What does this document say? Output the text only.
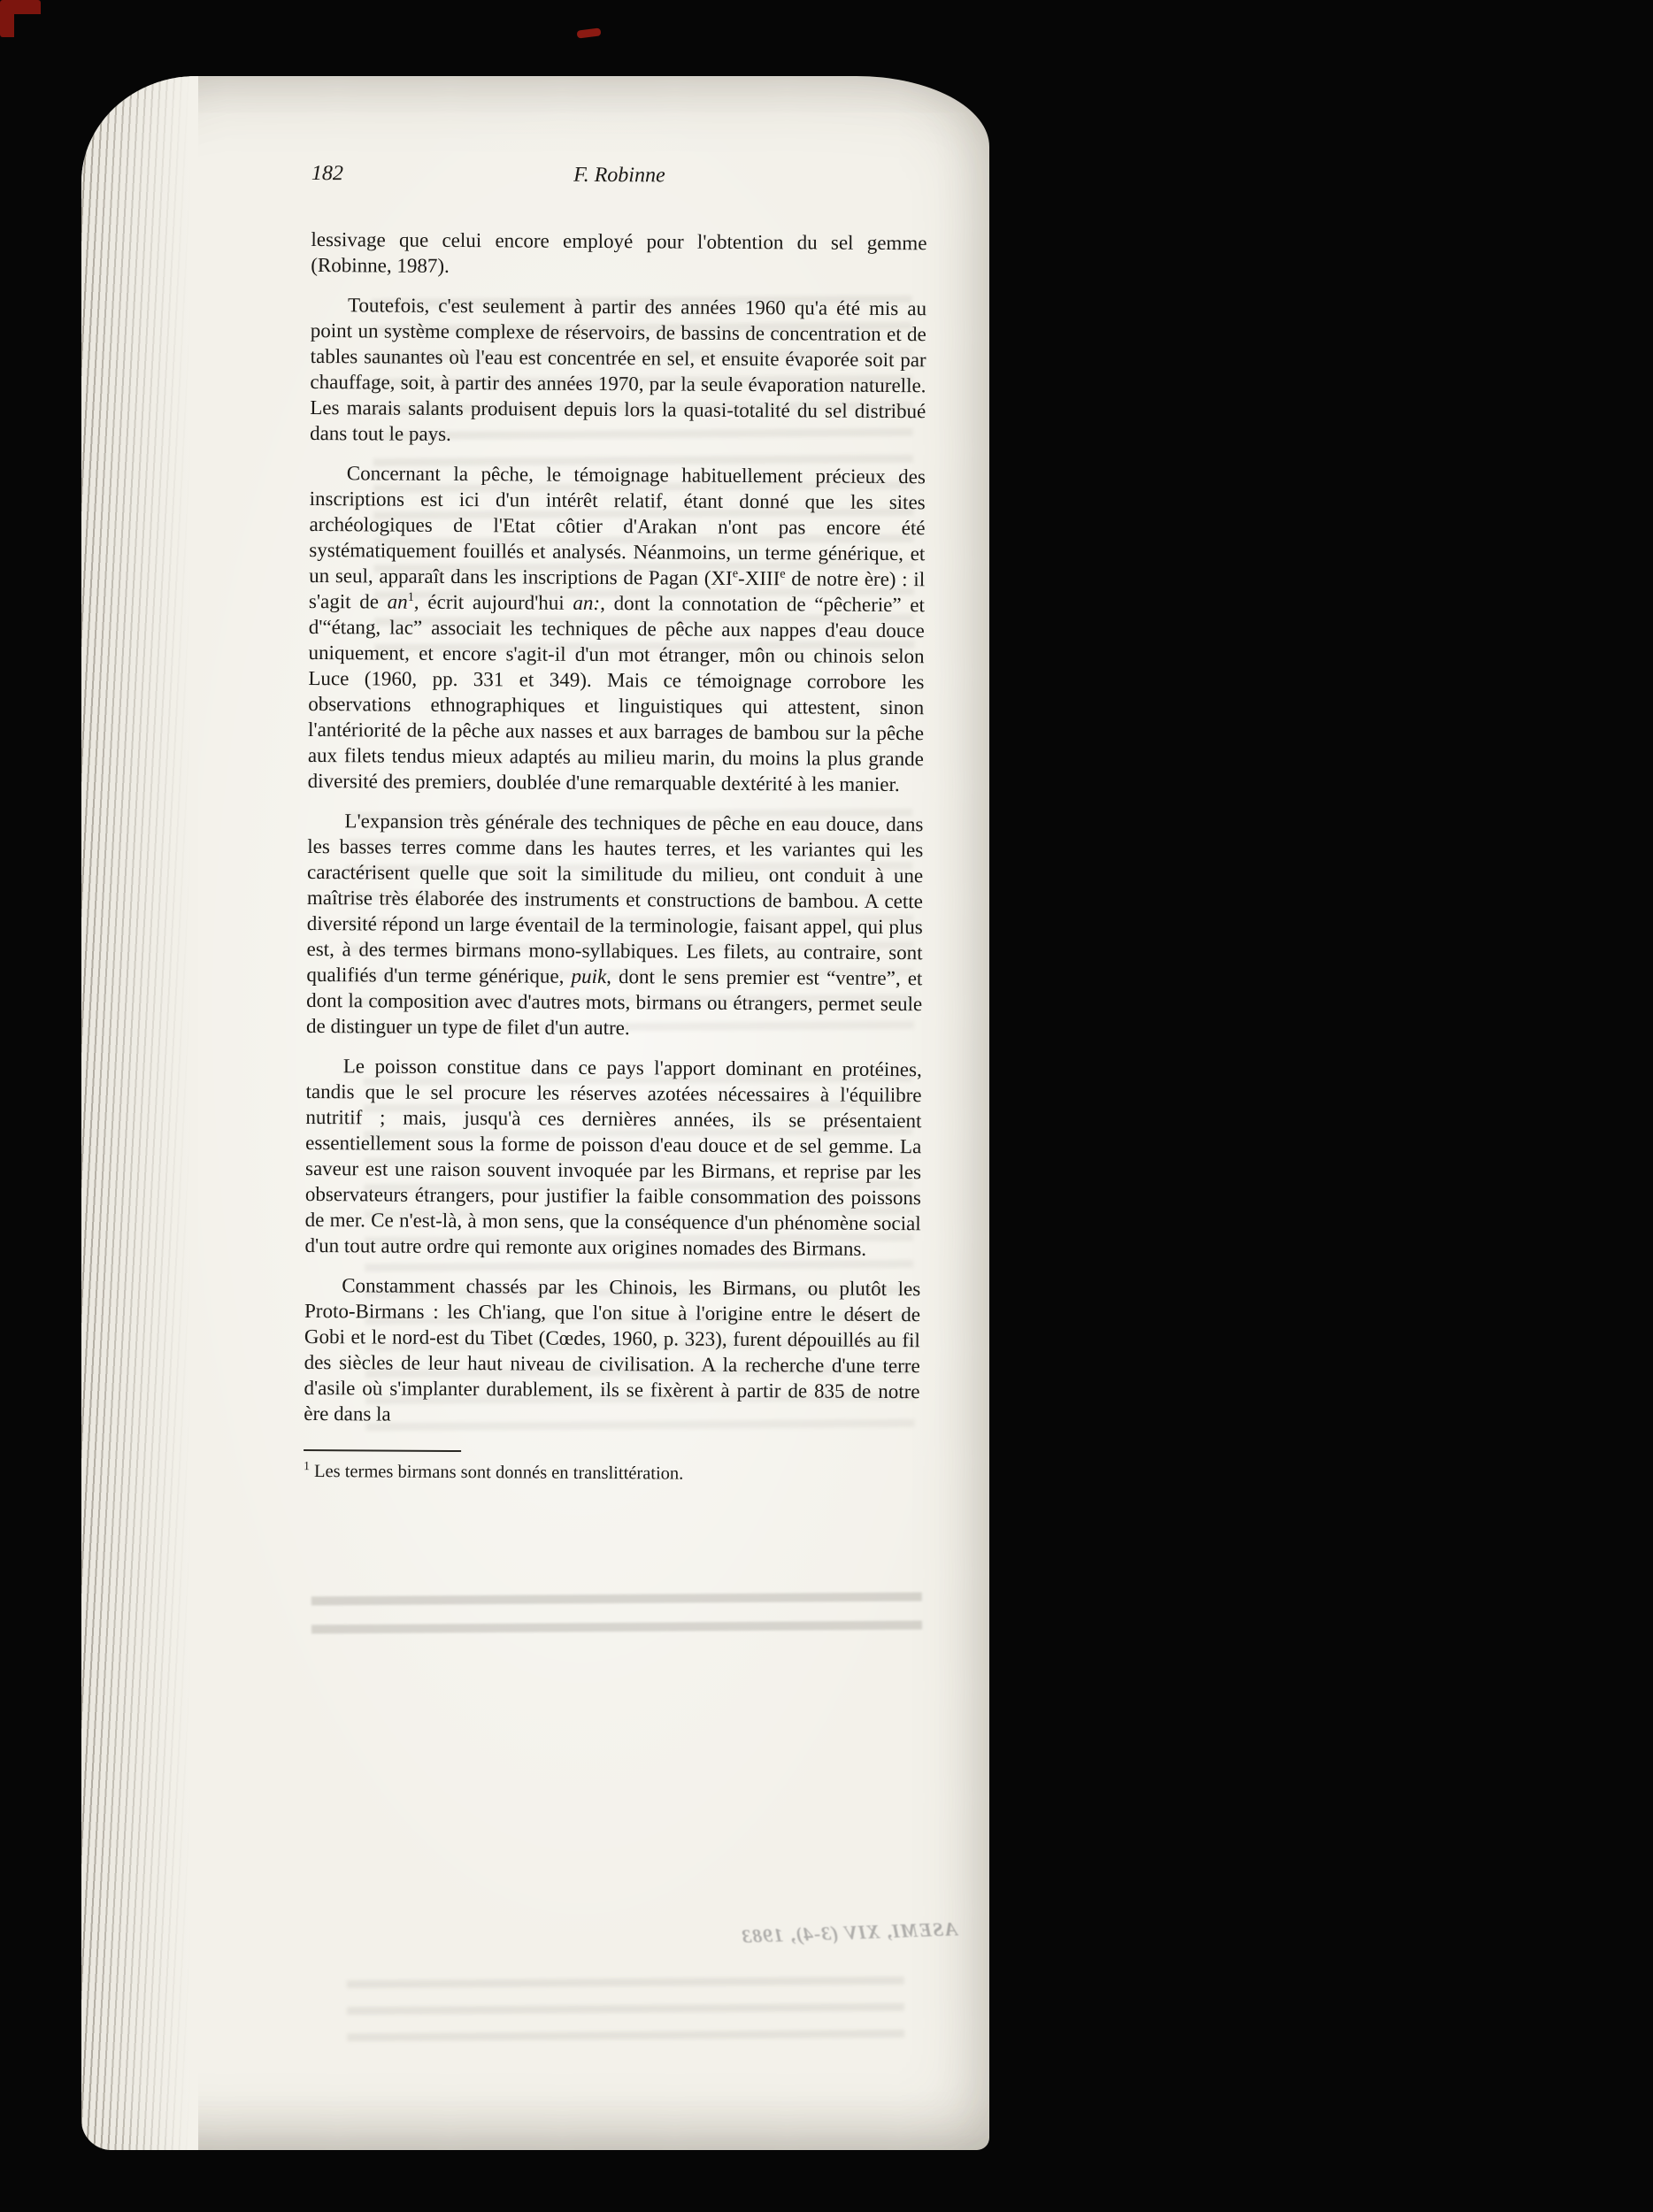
182	F. Robinne

lessivage que celui encore employé pour l'obtention du sel gemme (Robinne, 1987).

Toutefois, c'est seulement à partir des années 1960 qu'a été mis au point un système complexe de réservoirs, de bassins de concentration et de tables saunantes où l'eau est concentrée en sel, et ensuite évaporée soit par chauffage, soit, à partir des années 1970, par la seule évaporation naturelle. Les marais salants produisent depuis lors la quasi-totalité du sel distribué dans tout le pays.

Concernant la pêche, le témoignage habituellement précieux des inscriptions est ici d'un intérêt relatif, étant donné que les sites archéologiques de l'Etat côtier d'Arakan n'ont pas encore été systématiquement fouillés et analysés. Néanmoins, un terme générique, et un seul, apparaît dans les inscriptions de Pagan (XIe-XIIIe de notre ère) : il s'agit de $an^1$, écrit aujourd'hui an:, dont la connotation de “pêcherie” et d'“étang, lac” associait les techniques de pêche aux nappes d'eau douce uniquement, et encore s'agit-il d'un mot étranger, môn ou chinois selon Luce (1960, pp. 331 et 349). Mais ce témoignage corrobore les observations ethnographiques et linguistiques qui attestent, sinon l'antériorité de la pêche aux nasses et aux barrages de bambou sur la pêche aux filets tendus mieux adaptés au milieu marin, du moins la plus grande diversité des premiers, doublée d'une remarquable dextérité à les manier.

L'expansion très générale des techniques de pêche en eau douce, dans les basses terres comme dans les hautes terres, et les variantes qui les caractérisent quelle que soit la similitude du milieu, ont conduit à une maîtrise très élaborée des instruments et constructions de bambou. A cette diversité répond un large éventail de la terminologie, faisant appel, qui plus est, à des termes birmans mono-syllabiques. Les filets, au contraire, sont qualifiés d'un terme générique, puik, dont le sens premier est “ventre”, et dont la composition avec d'autres mots, birmans ou étrangers, permet seule de distinguer un type de filet d'un autre.

Le poisson constitue dans ce pays l'apport dominant en protéines, tandis que le sel procure les réserves azotées nécessaires à l'équilibre nutritif ; mais, jusqu'à ces dernières années, ils se présentaient essentiellement sous la forme de poisson d'eau douce et de sel gemme. La saveur est une raison souvent invoquée par les Birmans, et reprise par les observateurs étrangers, pour justifier la faible consommation des poissons de mer. Ce n'est-là, à mon sens, que la conséquence d'un phénomène social d'un tout autre ordre qui remonte aux origines nomades des Birmans.

Constamment chassés par les Chinois, les Birmans, ou plutôt les Proto-Birmans : les Ch'iang, que l'on situe à l'origine entre le désert de Gobi et le nord-est du Tibet (Cœdes, 1960, p. 323), furent dépouillés au fil des siècles de leur haut niveau de civilisation. A la recherche d'une terre d'asile où s'implanter durablement, ils se fixèrent à partir de 835 de notre ère dans la

$^1$ Les termes birmans sont donnés en translittération.

ASEMI, XIV (3-4), 1983
